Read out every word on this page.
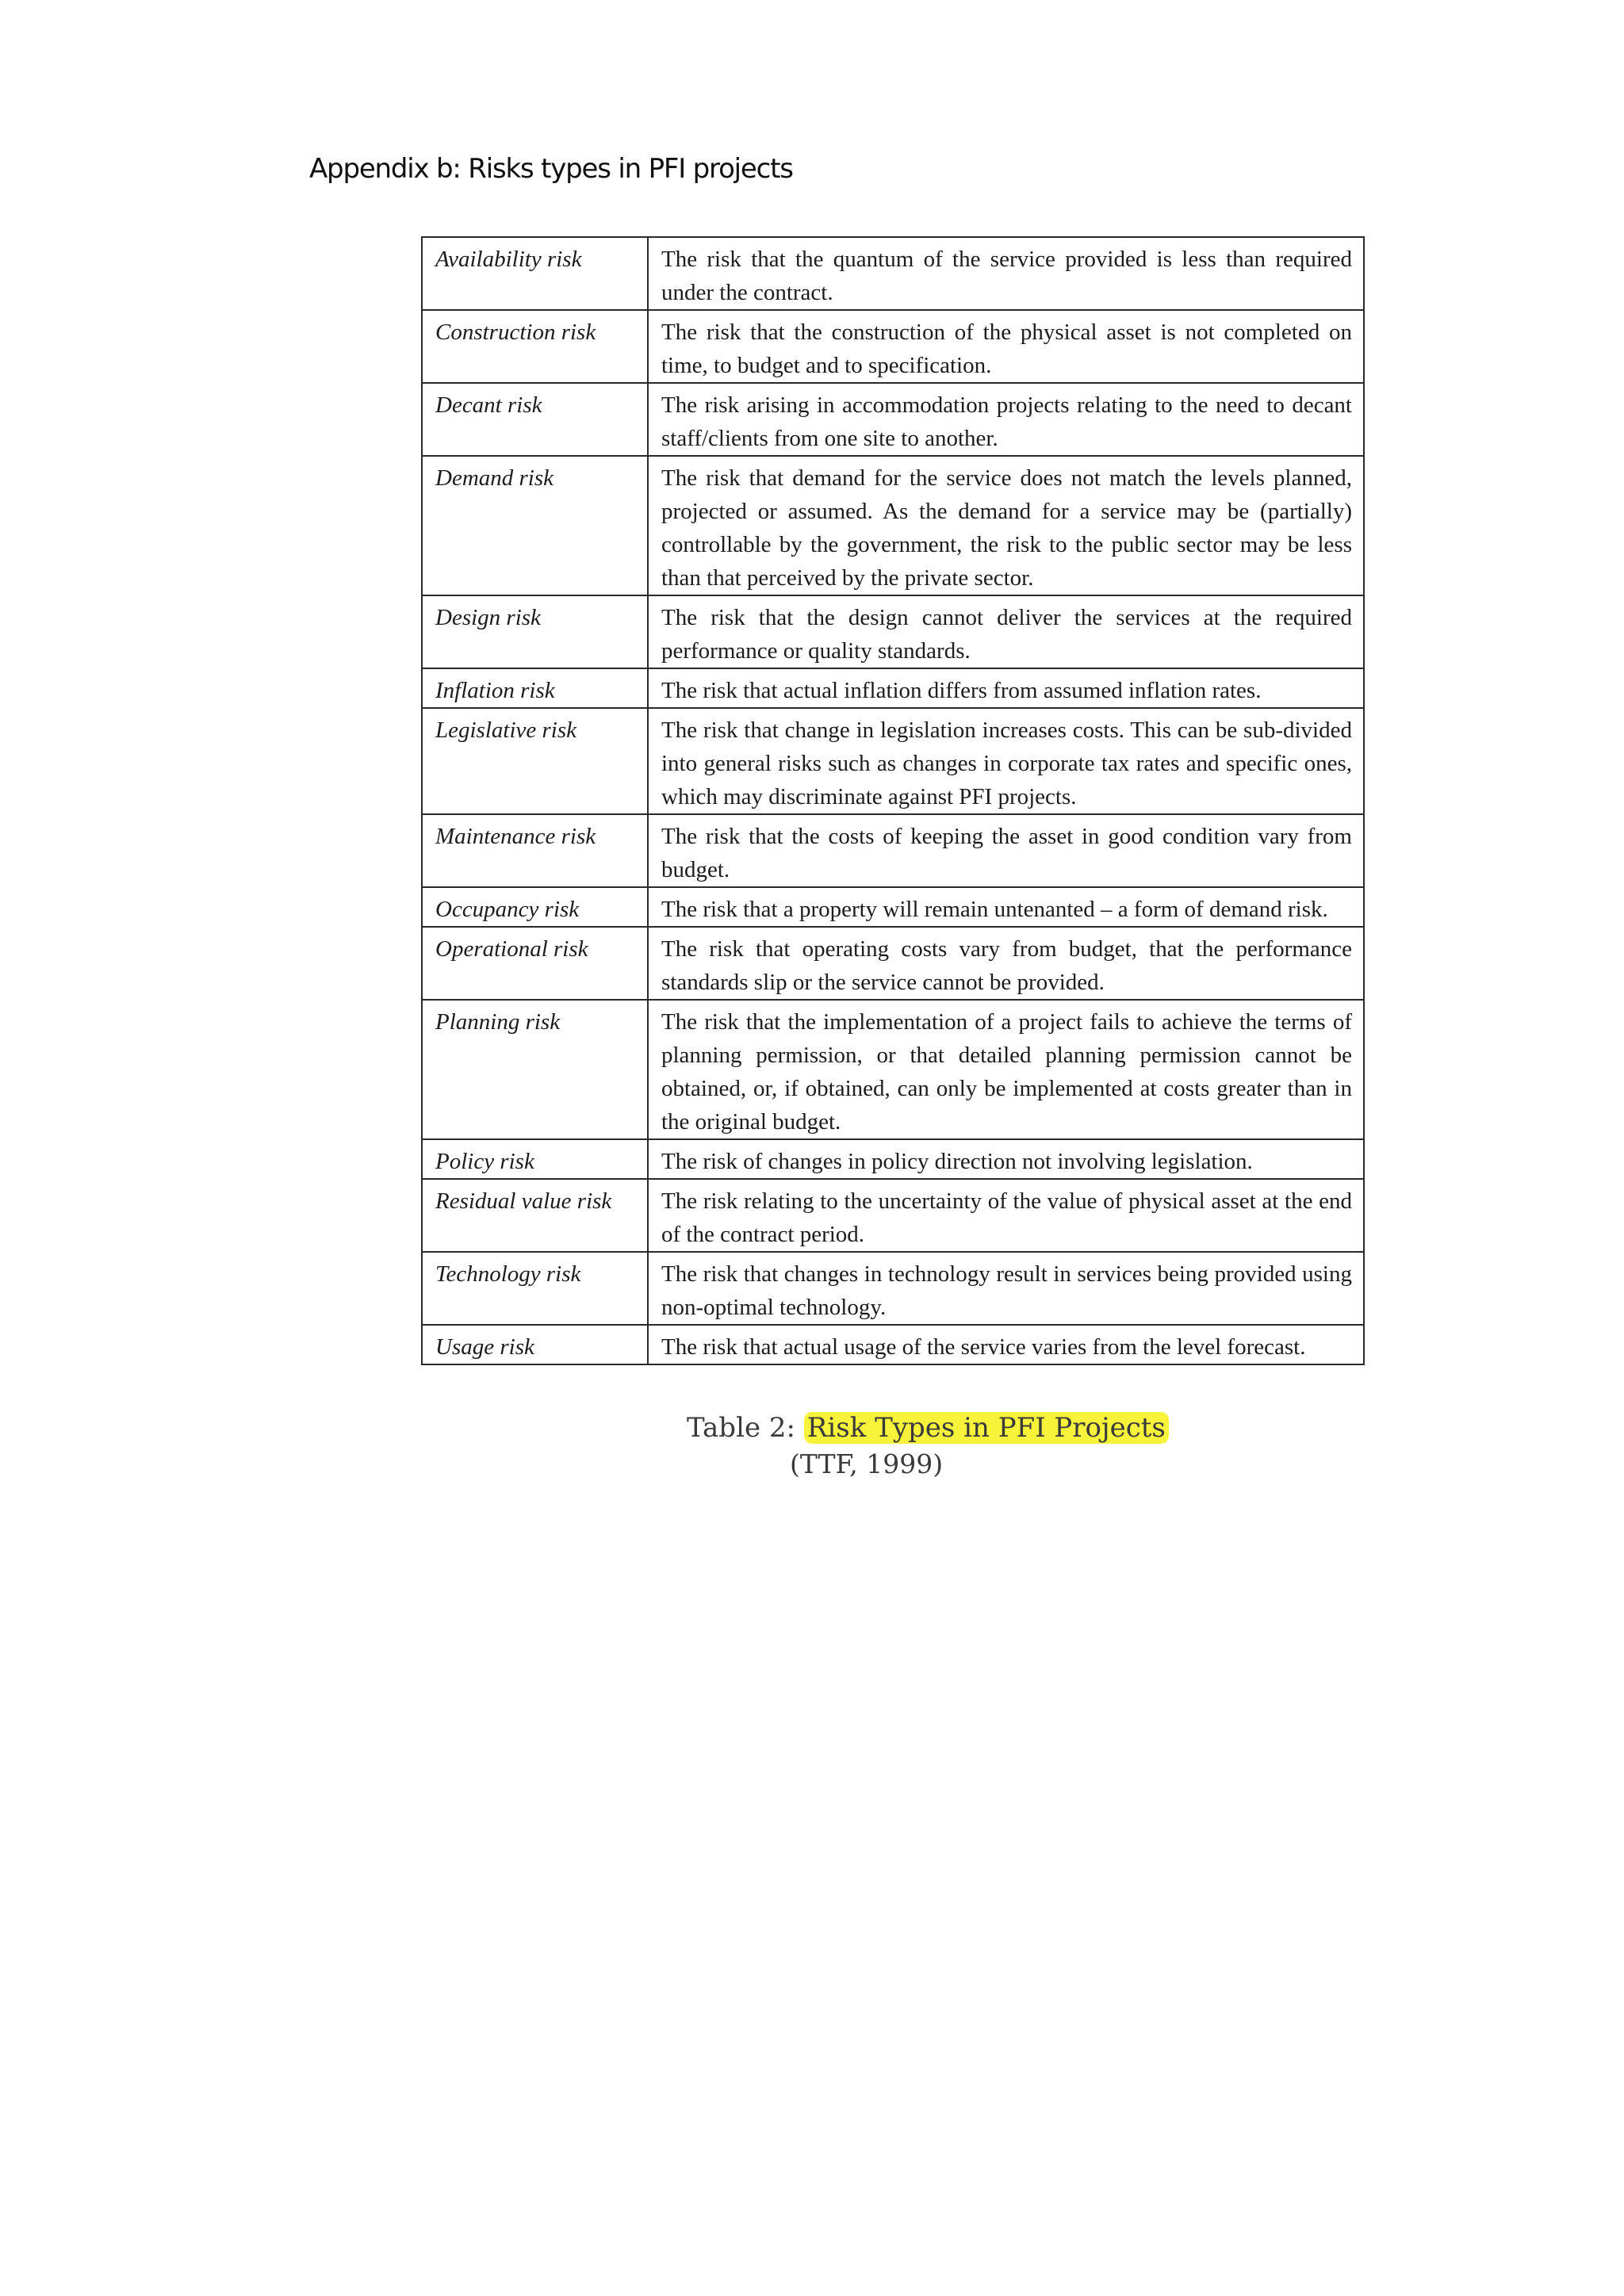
Appendix b: Risks types in PFI projects
Availability risk	The risk that the quantum of the service provided is less than required under the contract.
Construction risk	The risk that the construction of the physical asset is not completed on time, to budget and to specification.
Decant risk	The risk arising in accommodation projects relating to the need to decant staff/clients from one site to another.
Demand risk	The risk that demand for the service does not match the levels planned, projected or assumed. As the demand for a service may be (partially) controllable by the government, the risk to the public sector may be less than that perceived by the private sector.
Design risk	The risk that the design cannot deliver the services at the required performance or quality standards.
Inflation risk	The risk that actual inflation differs from assumed inflation rates.
Legislative risk	The risk that change in legislation increases costs. This can be sub-divided into general risks such as changes in corporate tax rates and specific ones, which may discriminate against PFI projects.
Maintenance risk	The risk that the costs of keeping the asset in good condition vary from budget.
Occupancy risk	The risk that a property will remain untenanted – a form of demand risk.
Operational risk	The risk that operating costs vary from budget, that the performance standards slip or the service cannot be provided.
Planning risk	The risk that the implementation of a project fails to achieve the terms of planning permission, or that detailed planning permission cannot be obtained, or, if obtained, can only be implemented at costs greater than in the original budget.
Policy risk	The risk of changes in policy direction not involving legislation.
Residual value risk	The risk relating to the uncertainty of the value of physical asset at the end of the contract period.
Technology risk	The risk that changes in technology result in services being provided using non-optimal technology.
Usage risk	The risk that actual usage of the service varies from the level forecast.

Table 2: Risk Types in PFI Projects

(TTF, 1999)
